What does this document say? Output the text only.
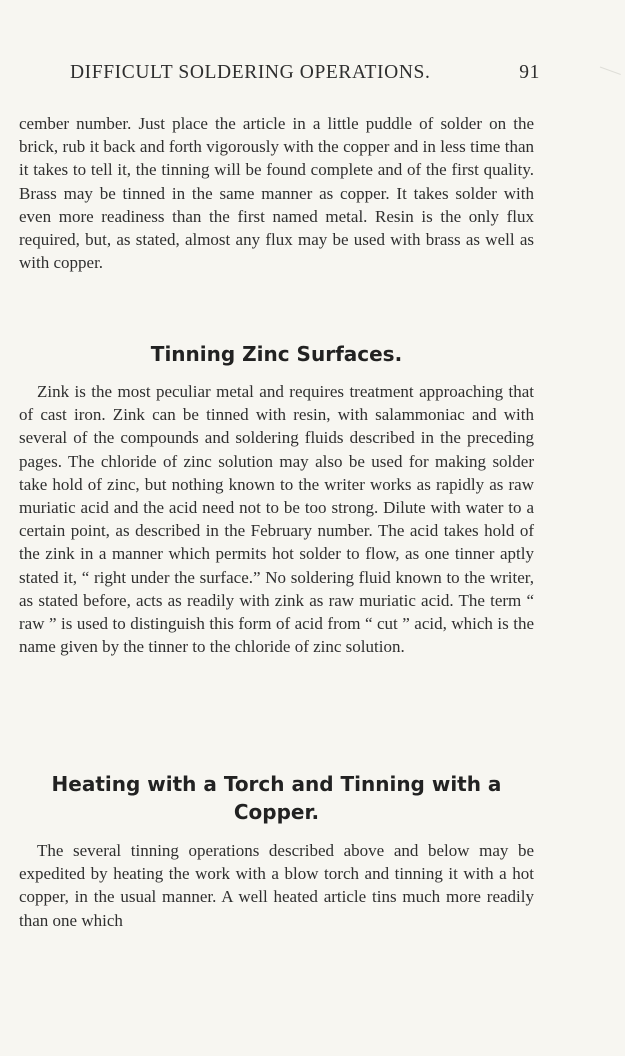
DIFFICULT SOLDERING OPERATIONS.	91

cember number. Just place the article in a little puddle of solder on the brick, rub it back and forth vigorously with the copper and in less time than it takes to tell it, the tinning will be found complete and of the first quality. Brass may be tinned in the same manner as copper. It takes solder with even more readiness than the first named metal. Resin is the only flux required, but, as stated, almost any flux may be used with brass as well as with copper.

Tinning Zinc Surfaces.

Zink is the most peculiar metal and requires treatment approaching that of cast iron. Zink can be tinned with resin, with salammoniac and with several of the compounds and soldering fluids described in the preceding pages. The chloride of zinc solution may also be used for making solder take hold of zinc, but nothing known to the writer works as rapidly as raw muriatic acid and the acid need not to be too strong. Dilute with water to a certain point, as described in the February number. The acid takes hold of the zink in a manner which permits hot solder to flow, as one tinner aptly stated it, “ right under the surface.” No soldering fluid known to the writer, as stated before, acts as readily with zink as raw muriatic acid. The term “ raw ” is used to distinguish this form of acid from “ cut ” acid, which is the name given by the tinner to the chloride of zinc solution.

Heating with a Torch and Tinning with a
Copper.

The several tinning operations described above and below may be expedited by heating the work with a blow torch and tinning it with a hot copper, in the usual manner. A well heated article tins much more readily than one which
